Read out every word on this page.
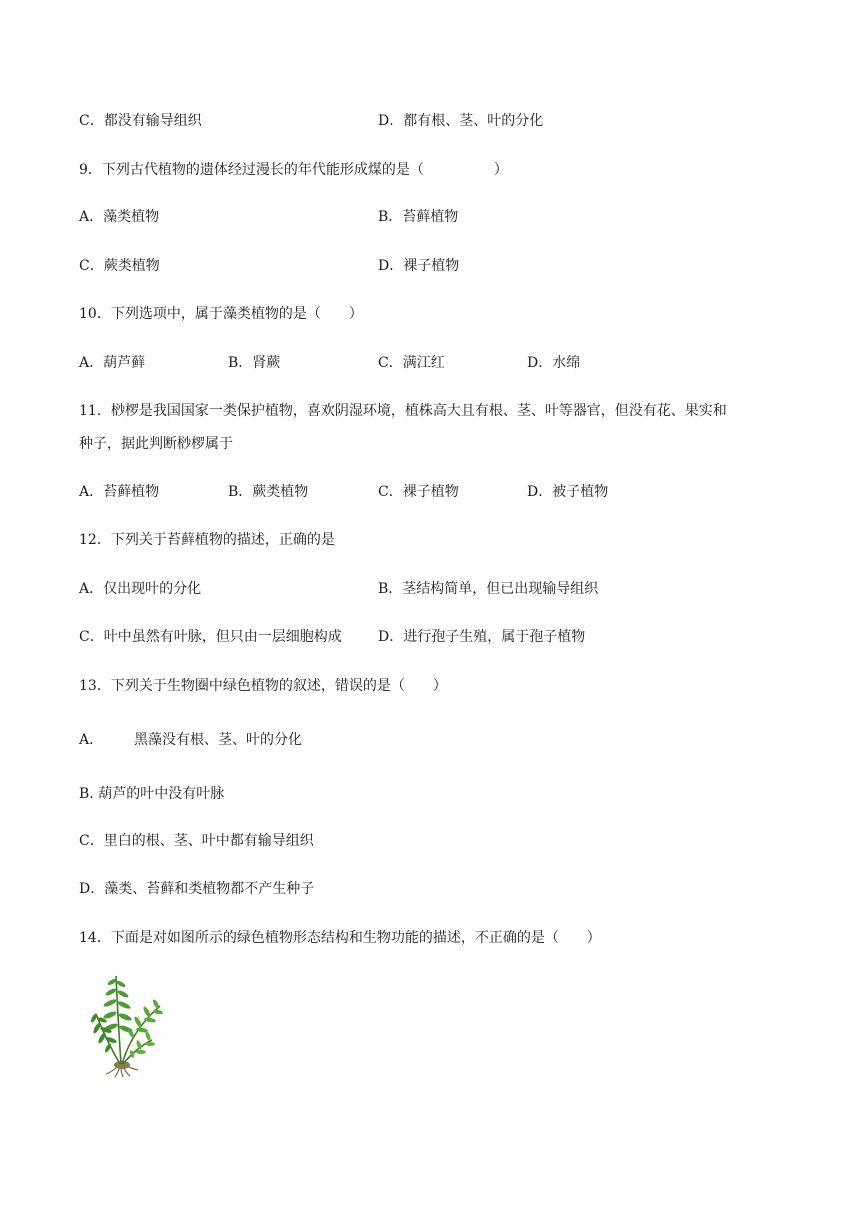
C．都没有输导组织	D．都有根、茎、叶的分化
9．下列古代植物的遗体经过漫长的年代能形成煤的是（　　　　　）
A．藻类植物	B．苔藓植物
C．蕨类植物	D．裸子植物
10．下列选项中，属于藻类植物的是（　　）
A．葫芦藓	B．肾蕨	C．满江红	D．水绵
11．桫椤是我国国家一类保护植物，喜欢阴湿环境，植株高大且有根、茎、叶等器官，但没有花、果实和
种子，据此判断桫椤属于
A．苔藓植物	B．蕨类植物	C．裸子植物	D．被子植物
12．下列关于苔藓植物的描述，正确的是
A．仅出现叶的分化	B．茎结构简单，但已出现输导组织
C．叶中虽然有叶脉，但只由一层细胞构成	D．进行孢子生殖，属于孢子植物
13．下列关于生物圈中绿色植物的叙述，错误的是（　　）
A． 黑藻没有根、茎、叶的分化
B. 葫芦的叶中没有叶脉
C．里白的根、茎、叶中都有输导组织
D．藻类、苔藓和类植物都不产生种子
14．下面是对如图所示的绿色植物形态结构和生物功能的描述，不正确的是（　　）
